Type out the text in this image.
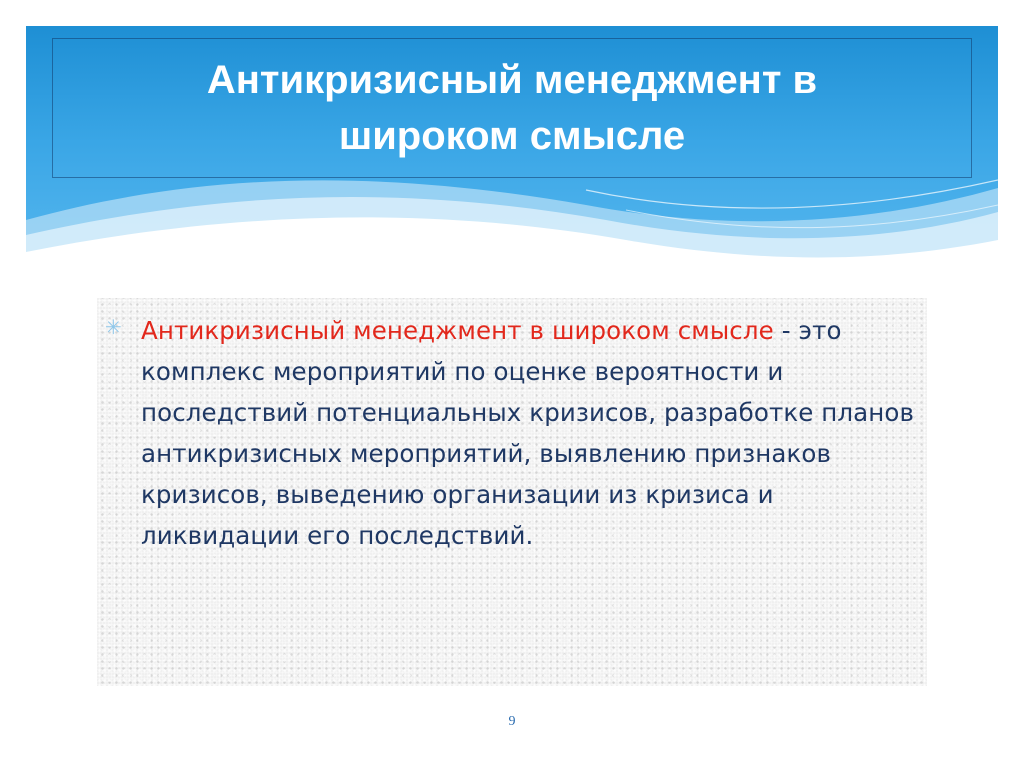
Антикризисный менеджмент в широком смысле
✳ Антикризисный менеджмент в широком смысле - это комплекс мероприятий по оценке вероятности и последствий потенциальных кризисов, разработке планов антикризисных мероприятий, выявлению признаков кризисов, выведению организации из кризиса и ликвидации его последствий.

9
